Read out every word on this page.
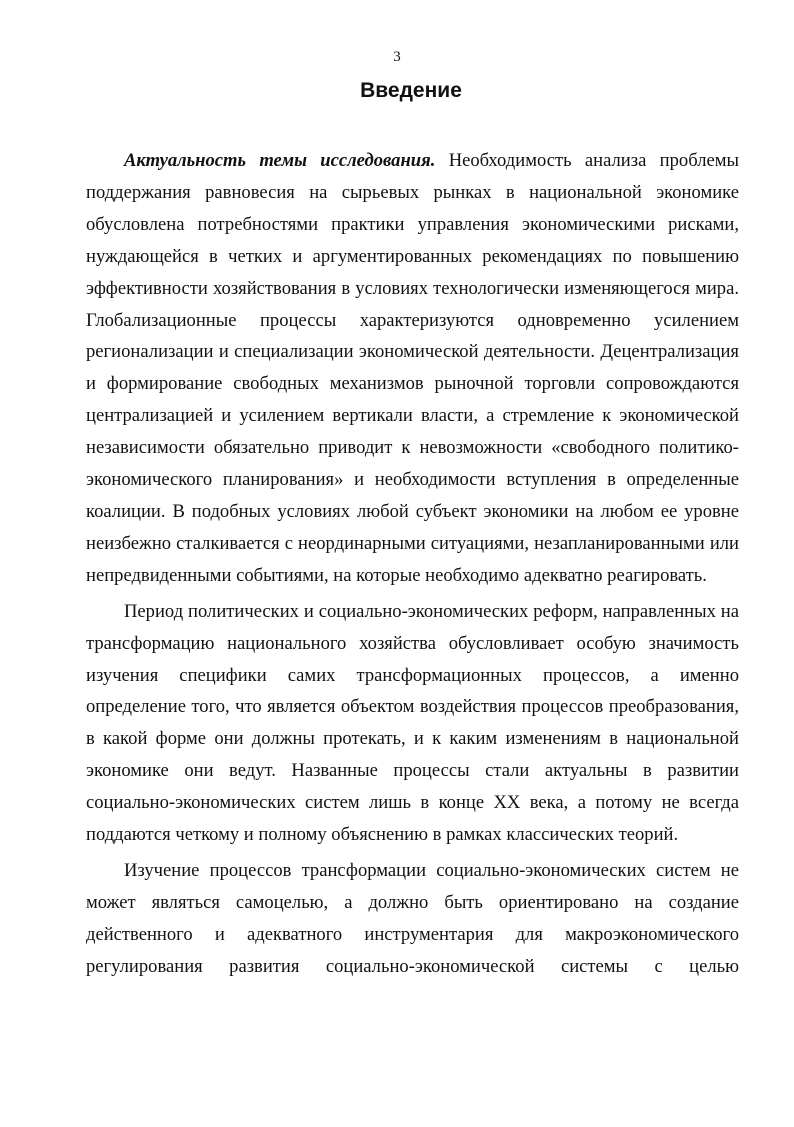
3
Введение

Актуальность темы исследования. Необходимость анализа проблемы поддержания равновесия на сырьевых рынках в национальной экономике обусловлена потребностями практики управления экономическими рисками, нуждающейся в четких и аргументированных рекомендациях по повышению эффективности хозяйствования в условиях технологически изменяющегося мира. Глобализационные процессы характеризуются одновременно усилением регионализации и специализации экономической деятельности. Децентрализация и формирование свободных механизмов рыночной торговли сопровождаются централизацией и усилением вертикали власти, а стремление к экономической независимости обязательно приводит к невозможности «свободного политико-экономического планирования» и необходимости вступления в определенные коалиции. В подобных условиях любой субъект экономики на любом ее уровне неизбежно сталкивается с неординарными ситуациями, незапланированными или непредвиденными событиями, на которые необходимо адекватно реагировать.

Период политических и социально-экономических реформ, направленных на трансформацию национального хозяйства обусловливает особую значимость изучения специфики самих трансформационных процессов, а именно определение того, что является объектом воздействия процессов преобразования, в какой форме они должны протекать, и к каким изменениям в национальной экономике они ведут. Названные процессы стали актуальны в развитии социально-экономических систем лишь в конце XX века, а потому не всегда поддаются четкому и полному объяснению в рамках классических теорий.

Изучение процессов трансформации социально-экономических систем не может являться самоцелью, а должно быть ориентировано на создание действенного и адекватного инструментария для макроэкономического регулирования развития социально-экономической системы с целью
